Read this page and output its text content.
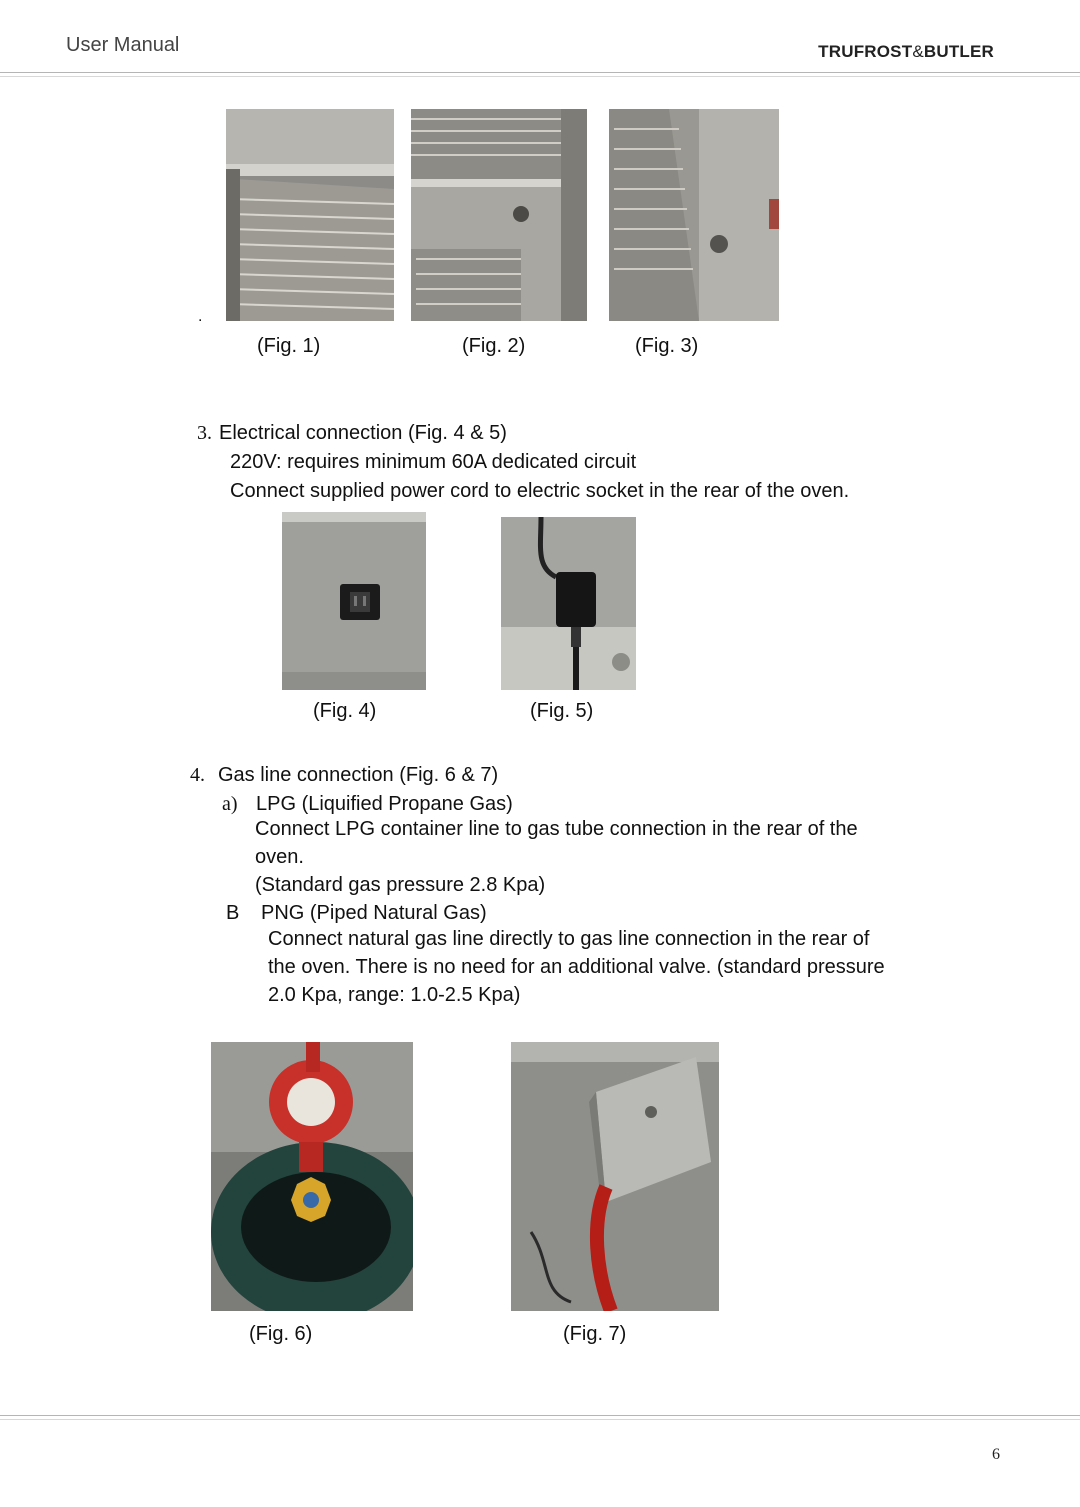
User Manual	TRUFROST&BUTLER
.
(Fig. 1)	(Fig. 2)	(Fig. 3)
3. Electrical connection (Fig. 4 & 5)
220V: requires minimum 60A dedicated circuit
Connect supplied power cord to electric socket in the rear of the oven.
(Fig. 4)	(Fig. 5)
4. Gas line connection (Fig. 6 & 7)
a) LPG (Liquified Propane Gas)
Connect LPG container line to gas tube connection in the rear of the
oven.
(Standard gas pressure 2.8 Kpa)
B PNG (Piped Natural Gas)
Connect natural gas line directly to gas line connection in the rear of
the oven. There is no need for an additional valve. (standard pressure
2.0 Kpa, range: 1.0-2.5 Kpa)
(Fig. 6)	(Fig. 7)
6
